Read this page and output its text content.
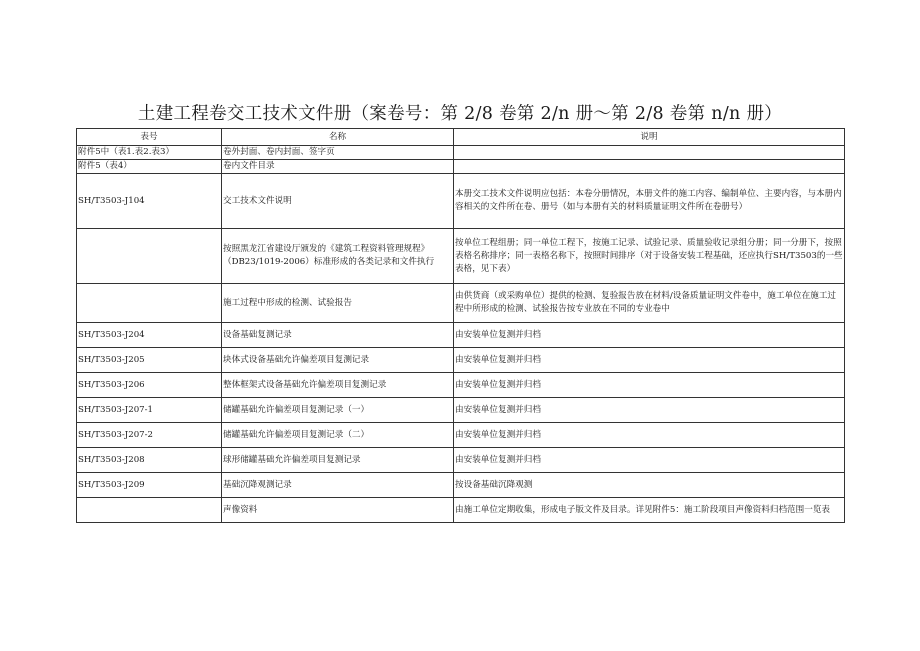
土建工程卷交工技术文件册（案卷号：第 2/8 卷第 2/n 册～第 2/8 卷第 n/n 册）
表号	名称	说明
附件5中（表1.表2.表3）	卷外封面、卷内封面、签字页	
附件5（表4）	卷内文件目录	
SH/T3503-J104	交工技术文件说明	本册交工技术文件说明应包括：本卷分册情况，本册文件的施工内容、编制单位、主要内容，与本册内容相关的文件所在卷、册号（如与本册有关的材料质量证明文件所在卷册号）
	按照黑龙江省建设厅颁发的《建筑工程资料管理规程》（DB23/1019-2006）标准形成的各类记录和文件执行	按单位工程组册；同一单位工程下，按施工记录、试验记录、质量验收记录组分册；同一分册下，按照表格名称排序；同一表格名称下，按照时间排序（对于设备安装工程基础，还应执行SH/T3503的一些表格，见下表）
	施工过程中形成的检测、试验报告	由供货商（或采购单位）提供的检测、复验报告放在材料/设备质量证明文件卷中，施工单位在施工过程中所形成的检测、试验报告按专业放在不同的专业卷中
SH/T3503-J204	设备基础复测记录	由安装单位复测并归档
SH/T3503-J205	块体式设备基础允许偏差项目复测记录	由安装单位复测并归档
SH/T3503-J206	整体框架式设备基础允许偏差项目复测记录	由安装单位复测并归档
SH/T3503-J207-1	储罐基础允许偏差项目复测记录（一）	由安装单位复测并归档
SH/T3503-J207-2	储罐基础允许偏差项目复测记录（二）	由安装单位复测并归档
SH/T3503-J208	球形储罐基础允许偏差项目复测记录	由安装单位复测并归档
SH/T3503-J209	基础沉降观测记录	按设备基础沉降观测
	声像资料	由施工单位定期收集，形成电子版文件及目录。详见附件5：施工阶段项目声像资料归档范围一览表
